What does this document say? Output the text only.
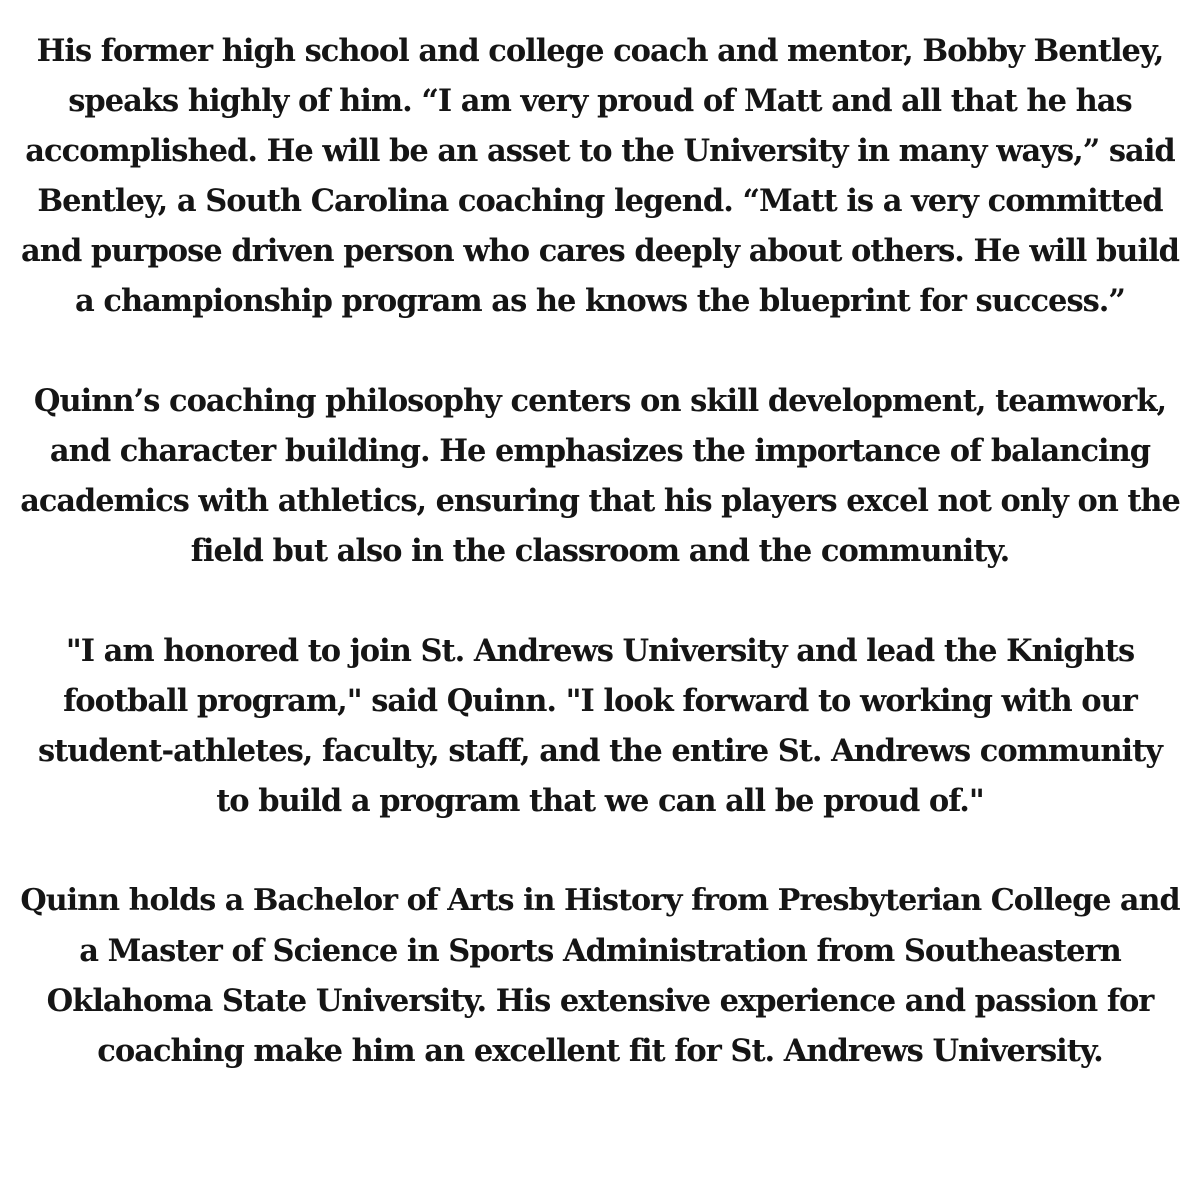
His former high school and college coach and mentor, Bobby Bentley,
speaks highly of him. “I am very proud of Matt and all that he has
accomplished. He will be an asset to the University in many ways,” said
Bentley, a South Carolina coaching legend. “Matt is a very committed
and purpose driven person who cares deeply about others. He will build
a championship program as he knows the blueprint for success.”

Quinn’s coaching philosophy centers on skill development, teamwork,
and character building. He emphasizes the importance of balancing
academics with athletics, ensuring that his players excel not only on the
field but also in the classroom and the community.

"I am honored to join St. Andrews University and lead the Knights
football program," said Quinn. "I look forward to working with our
student-athletes, faculty, staff, and the entire St. Andrews community
to build a program that we can all be proud of."

Quinn holds a Bachelor of Arts in History from Presbyterian College and
a Master of Science in Sports Administration from Southeastern
Oklahoma State University. His extensive experience and passion for
coaching make him an excellent fit for St. Andrews University.
